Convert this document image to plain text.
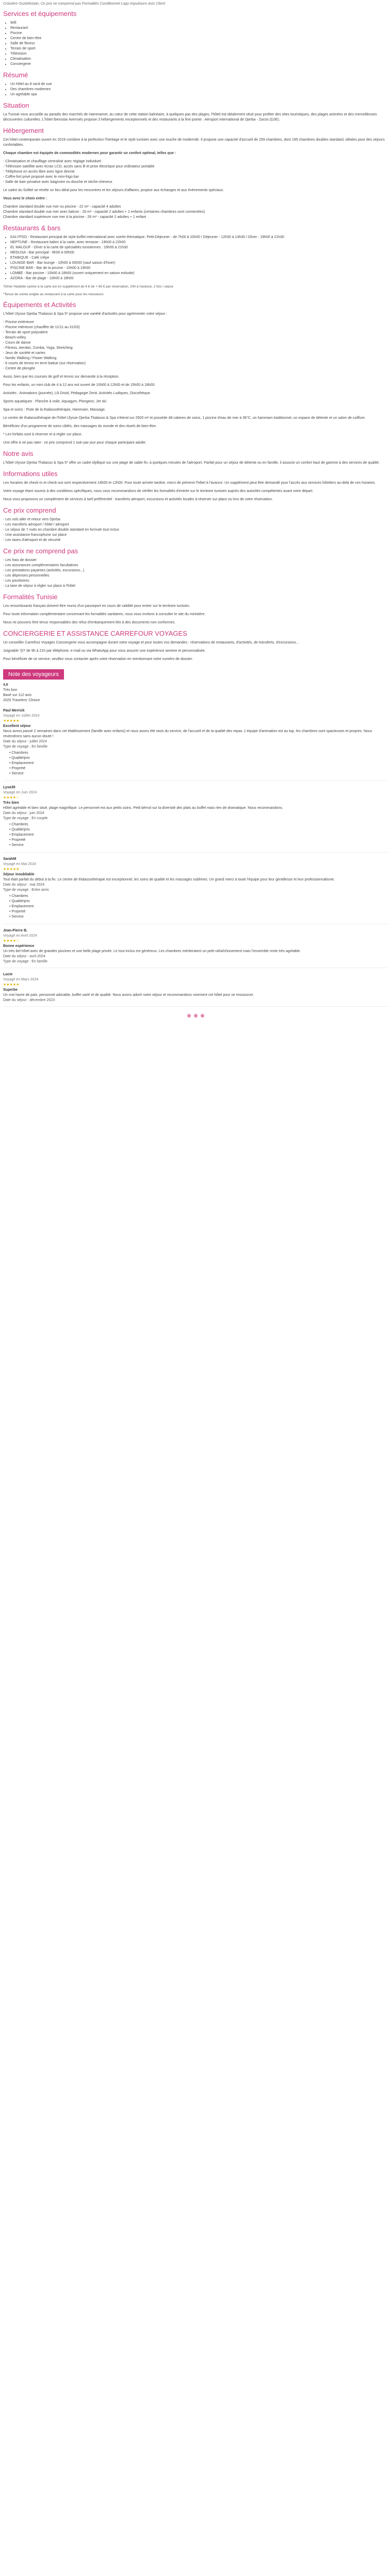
Croisière Ouzbékistan, Ce prix ne comprend pas Formalités Conditionnel Logo Impulsions Avis Client

Services et équipements
• Wifi
• Restaurant
• Piscine
• Centre de bien-être
• Salle de fitness
• Terrain de sport
• Télévision
• Climatisation
• Conciergerie
Résumé
• Un hôtel au 8 rand de vue
• Des chambres modernes
• Un agréable spa
Situation

La Tunisie vous accueille au paradis des marchés de Hammamet, au cœur de cette station balnéaire, à quelques pas des plages, l'hôtel est idéalement situé pour profiter des sites touristiques, des plages animées et des merveilleuses découvertes culturelles. L'hôtel Iberostar Averroès propose 3 hébergements exceptionnels et des restaurants à la fine pointe : Aéroport international de Djerba - Zarzis (DJE).

Hébergement

Cet hôtel contemporain ouvert en 2019 combine à la perfection l'héritage et le style tunisien avec une touche de modernité. Il propose une capacité d'accueil de 259 chambres, dont 195 chambres doubles standard, idéales pour des séjours confortables.

Chaque chambre est équipée de commodités modernes pour garantir un confort optimal, telles que :

- Climatisation et chauffage centralisé avec réglage individuel
- Télévision satellite avec écran LCD, accès sans fil et prise électrique pour ordinateur portable
- Téléphone en accès libre avec ligne directe
- Coffre-fort privé proposé avec le mini-frigo bar
- Salle de bain privative avec baignoire ou douche et sèche-cheveux

Le cadre du Sofitel se révèle un lieu idéal pour les rencontres et les séjours d'affaires, propice aux échanges et aux événements spéciaux.

Vous avez le choix entre :

Chambre standard double vue mer ou piscine - 22 m² - capacité 4 adultes
Chambre standard double vue mer avec balcon : 26 m² - capacité 2 adultes + 2 enfants (certaines chambres sont connectées)
Chambre standard supérieure vue mer à la piscine - 26 m² - capacité 2 adultes + 1 enfant
Restaurants & bars
• KALYPSO - Restaurant principal de style buffet international avec soirée thématique. Petit-Déjeuner - de 7h00 à 10h00 / Déjeuner - 12h30 à 14h30 / Dîner - 19h00 à 21h30
• NEPTUNE - Restaurant italien à la carte, avec terrasse : 19h00 à 22h00
• EL MALOUF - Dîner à la carte de spécialités tunisiennes : 19h00 à 21h30
• MEDUSA - Bar principal - 9h00 à 00h00
• ETABIQUE - Café crêpe
• LOUNGE BAR - Bar lounge - 10h00 à 00h00 (sauf saison d'hiver)
• PISCINE BAR - Bar de la piscine - 10h00 à 19h00
• LOMBÉ - Bar piscine - 10h00 à 18h00 (ouvert uniquement en saison estivale)
• AZORA - Bar de plage - 10h00 à 18h00

*Dîner Halal/de canine à la carte est en supplément de 6 € de + 65 € par réservation, 24h à l'avance, 1 fois / séjour

*Tenue de soirée exigée au restaurant à la carte pour les messieurs

Équipements et Activités

L'hôtel Ulysse Djerba Thalasso & Spa 5* propose une variété d'activités pour agrémenter votre séjour :

- Piscine extérieure
- Piscine intérieure (chauffée de 11/11 au 31/03)
- Terrain de sport polyvalent
- Beach-volley
- Cours de danse
- Fitness, Aerobic, Zumba, Yoga, Stretching
- Jeux de société et cartes
- Nordic Walking / Power Walking
- 6 courts de tennis en terre battue (sur réservation)
- Centre de plongée

Aussi, bien que les courses de golf et tennis sur demande à la réception.

Pour les enfants, un mini club de 4 à 12 ans est ouvert de 10h00 à 12h00 et de 15h00 à 18h00.

Activités : Animations (journée), Lili Droid, Pédagogie Zenit, Activités Ludiques, Discothèque.

Sports aquatiques : Planche à voile, Aquagym, Plongeon, Jet ski

Spa et soins : Piste de la thalassothérapie, Hammam, Massage.

Le centre de thalassothérapie de l'hôtel Ulysse Djerba Thalasso & Spa s'étend sur 2500 m² et possède 48 cabines de soins, 1 piscine d'eau de mer à 36°C, un hammam traditionnel, un espace de détente et un salon de coiffure.

Bénéficiez d'un programme de soins ciblés, des massages du monde et des rituels de bien-être.

* Les forfaits sont à réserver et à régler sur place.

Une offre à ne pas rater : ce prix comprend 1 soin par jour pour chaque participant adulte.

Notre avis

L'hôtel Ulysse Djerba Thalasso & Spa 5* offre un cadre idyllique sur une plage de sable fin, à quelques minutes de l'aéroport. Parfait pour un séjour de détente ou en famille, il associe un confort haut de gamme à des services de qualité.

Informations utiles

Les horaires de check-in et check-out sont respectivement 14h00 et 12h00. Pour toute arrivée tardive, merci de prévenir l'hôtel à l'avance. Un supplément peut être demandé pour l'accès aux services hôteliers au-delà de ces horaires.

Votre voyage étant soumis à des conditions spécifiques, nous vous recommandons de vérifier les formalités d'entrée sur le territoire tunisien auprès des autorités compétentes avant votre départ.

Nous vous proposons un complément de services à tarif préférentiel : transferts aéroport, excursions et activités locales à réserver sur place ou lors de votre réservation.

Ce prix comprend
- Les vols aller et retour vers Djerba
- Les transferts aéroport / hôtel / aéroport
- Le séjour de 7 nuits en chambre double standard en formule tout inclus
- Une assistance francophone sur place
- Les taxes d'aéroport et de sécurité
Ce prix ne comprend pas
- Les frais de dossier
- Les assurances complémentaires facultatives
- Les prestations payantes (activités, excursions...)
- Les dépenses personnelles
- Les pourboires
- La taxe de séjour à régler sur place à l'hôtel
Formalités Tunisie

Les ressortissants français doivent être munis d'un passeport en cours de validité pour entrer sur le territoire tunisien.

Pour toute information complémentaire concernant les formalités sanitaires, nous vous invitons à consulter le site du ministère.

Nous ne pouvons être tenus responsables des refus d'embarquement liés à des documents non conformes.

CONCIERGERIE ET ASSISTANCE CARREFOUR VOYAGES

Un conseiller Carrefour Voyages Conciergerie vous accompagne durant votre voyage et pour toutes vos demandes : réservations de restaurants, d'activités, de transferts, d'excursions...

Joignable 7j/7 de 9h à 21h par téléphone, e-mail ou via WhatsApp pour vous assurer une expérience sereine et personnalisée.

Pour bénéficier de ce service, veuillez nous contacter après votre réservation en mentionnant votre numéro de dossier.

Note des voyageurs
4,6
Très bon
Basé sur 112 avis
2025 Travelers' Choice
Paul Merrick
Voyagé en Juillet 2024
★★★★★
Excellent séjour
Nous avons passé 2 semaines dans cet établissement (famille avec enfants) et nous avons été ravis du service, de l'accueil et de la qualité des repas. L'équipe d'animation est au top, les chambres sont spacieuses et propres. Nous reviendrons sans aucun doute !
Date du séjour : juillet 2024
Type de voyage : En famille
• Chambres
• Qualité/prix
• Emplacement
• Propreté
• Service
Lyxa39
Voyagé en Juin 2024
★★★★☆
Très bien
Hôtel agréable et bien situé, plage magnifique. Le personnel est aux petits soins. Petit bémol sur la diversité des plats au buffet mais rien de dramatique. Nous recommandons.
Date du séjour : juin 2024
Type de voyage : En couple
• Chambres
• Qualité/prix
• Emplacement
• Propreté
• Service
SarahM
Voyagé en Mai 2024
★★★★★
Séjour inoubliable
Tout était parfait du début à la fin. Le centre de thalassothérapie est exceptionnel, les soins de qualité et les massages sublimes. Un grand merci à toute l'équipe pour leur gentillesse et leur professionnalisme.
Date du séjour : mai 2024
Type de voyage : Entre amis
• Chambres
• Qualité/prix
• Emplacement
• Propreté
• Service
Jean-Pierre B.
Voyagé en Avril 2024
★★★★☆
Bonne expérience
Un très bel hôtel avec de grandes piscines et une belle plage privée. Le tout inclus est généreux. Les chambres mériteraient un petit rafraîchissement mais l'ensemble reste très agréable.
Date du séjour : avril 2024
Type de voyage : En famille
Lucie
Voyagé en Mars 2024
★★★★★
Superbe
Un vrai havre de paix, personnel adorable, buffet varié et de qualité. Nous avons adoré notre séjour et recommandons vivement cet hôtel pour se ressourcer.
Date du séjour : décembre 2023
